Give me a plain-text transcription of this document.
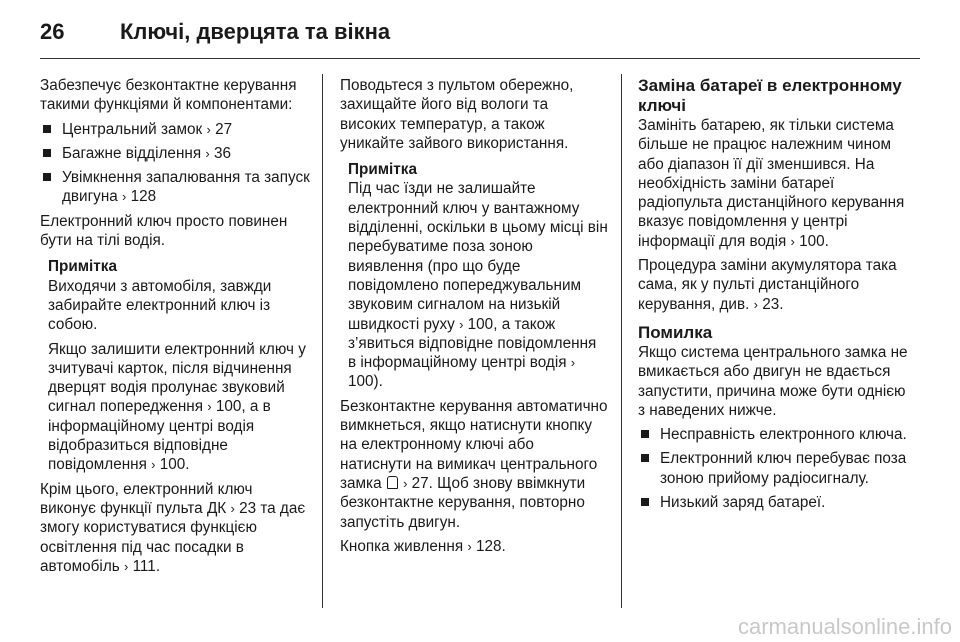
26	Ключі, дверцята та вікна

Забезпечує безконтактне керування такими функціями й компонентами:

Центральний замок › 27
Багажне відділення › 36
Увімкнення запалювання та запуск двигуна › 128

Електронний ключ просто повинен бути на тілі водія.

Примітка

Виходячи з автомобіля, завжди забирайте електронний ключ із собою.

Якщо залишити електронний ключ у зчитувачі карток, після відчинення дверцят водія пролунає звуковий сигнал попередження › 100, а в інформаційному центрі водія відобразиться відповідне повідомлення › 100.

Крім цього, електронний ключ виконує функції пульта ДК › 23 та дає змогу користуватися функцією освітлення під час посадки в автомобіль › 111.

Поводьтеся з пультом обережно, захищайте його від вологи та високих температур, а також уникайте зайвого використання.

Примітка

Під час їзди не залишайте електронний ключ у вантажному відділенні, оскільки в цьому місці він перебуватиме поза зоною виявлення (про що буде повідомлено попереджувальним звуковим сигналом на низькій швидкості руху › 100, а також з’явиться відповідне повідомлення в інформаційному центрі водія › 100).

Безконтактне керування автоматично вимкнеться, якщо натиснути кнопку на електронному ключі або натиснути на вимикач центрального замка › 27. Щоб знову ввімкнути безконтактне керування, повторно запустіть двигун.

Кнопка живлення › 128.

Заміна батареї в електронному ключі

Замініть батарею, як тільки система більше не працює належним чином або діапазон її дії зменшився. На необхідність заміни батареї радіопульта дистанційного керування вказує повідомлення у центрі інформації для водія › 100.

Процедура заміни акумулятора така сама, як у пульті дистанційного керування, див. › 23.

Помилка

Якщо система центрального замка не вмикається або двигун не вдається запустити, причина може бути однією з наведених нижче.

Несправність електронного ключа.
Електронний ключ перебуває поза зоною прийому радіосигналу.
Низький заряд батареї.
carmanualsonline.info
